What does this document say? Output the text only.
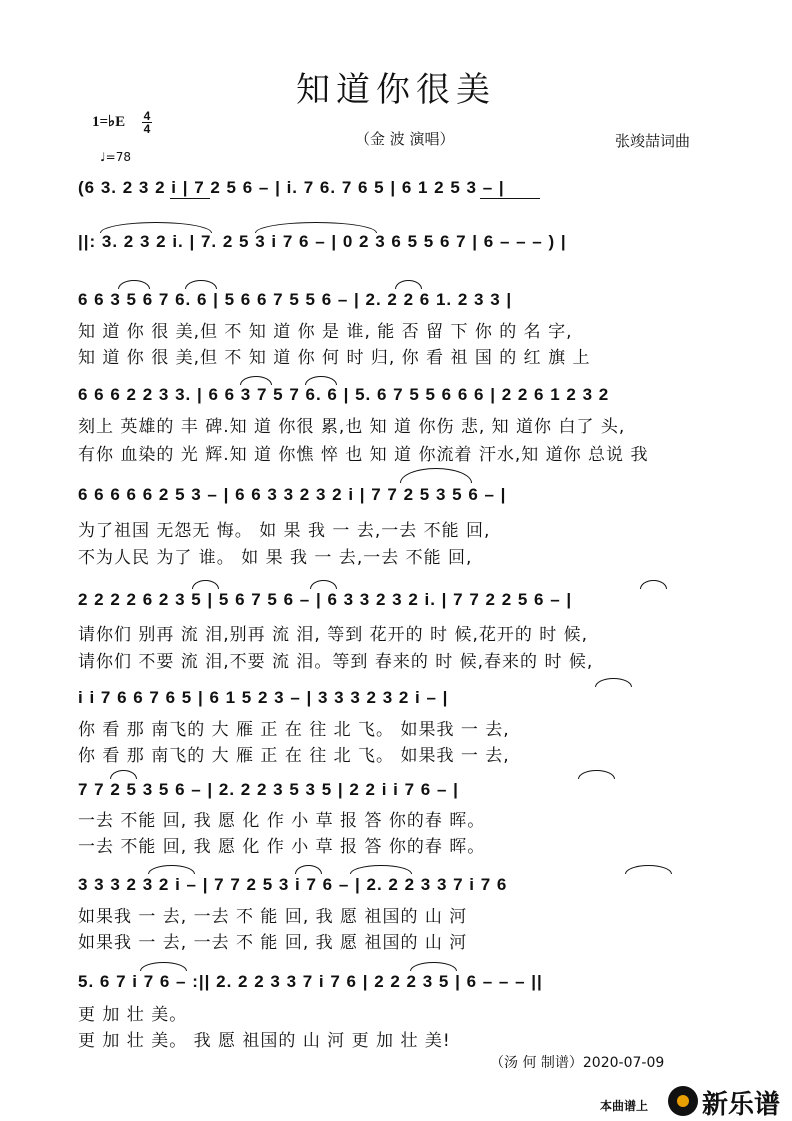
知道你很美
1=♭E 4
4
♩=78
（金 波 演唱）	张竣喆词曲
(6 3. 2 3 2 i | 7 2 5 6 – | i. 7 6. 7 6 5 | 6 1 2 5 3 – |
||: 3. 2 3 2 i. | 7. 2 5 3 i 7 6 – | 0 2 3 6 5 5 6 7 | 6 – – – ) |
6 6 3 5 6 7 6. 6 | 5 6 6 7 5 5 6 – | 2. 2 2 6 1. 2 3 3 |
知 道 你 很 美,但 不 知 道 你 是 谁, 能 否 留 下 你 的 名 字,
知 道 你 很 美,但 不 知 道 你 何 时 归, 你 看 祖 国 的 红 旗 上
6 6 6 2 2 3 3. | 6 6 3 7 5 7 6. 6 | 5. 6 7 5 5 6 6 6 | 2 2 6 1 2 3 2
刻上 英雄的 丰 碑.知 道 你很 累,也 知 道 你伤 悲, 知 道你 白了 头,
有你 血染的 光 辉.知 道 你憔 悴 也 知 道 你流着 汗水,知 道你 总说 我
6 6 6 6 6 2 5 3 – | 6 6 3 3 2 3 2 i | 7 7 2 5 3 5 6 – |
为了祖国 无怨无 悔。 如 果 我 一 去,一去 不能 回,
不为人民 为了 谁。 如 果 我 一 去,一去 不能 回,
2 2 2 2 6 2 3 5 | 5 6 7 5 6 – | 6 3 3 2 3 2 i. | 7 7 2 2 5 6 – |
请你们 别再 流 泪,别再 流 泪, 等到 花开的 时 候,花开的 时 候,
请你们 不要 流 泪,不要 流 泪。等到 春来的 时 候,春来的 时 候,
i i 7 6 6 7 6 5 | 6 1 5 2 3 – | 3 3 3 2 3 2 i – |
你 看 那 南飞的 大 雁 正 在 往 北 飞。 如果我 一 去,
你 看 那 南飞的 大 雁 正 在 往 北 飞。 如果我 一 去,
7 7 2 5 3 5 6 – | 2. 2 2 3 5 3 5 | 2 2 i i 7 6 – |
一去 不能 回, 我 愿 化 作 小 草 报 答 你的春 晖。
一去 不能 回, 我 愿 化 作 小 草 报 答 你的春 晖。
3 3 3 2 3 2 i – | 7 7 2 5 3 i 7 6 – | 2. 2 2 3 3 7 i 7 6
如果我 一 去, 一去 不 能 回, 我 愿 祖国的 山 河
如果我 一 去, 一去 不 能 回, 我 愿 祖国的 山 河
5. 6 7 i 7 6 – :|| 2. 2 2 3 3 7 i 7 6 | 2 2 2 3 5 | 6 – – – ||
更 加 壮 美。
更 加 壮 美。 我 愿 祖国的 山 河 更 加 壮 美!
（汤 何 制谱）2020-07-09
本曲谱上 新乐谱
